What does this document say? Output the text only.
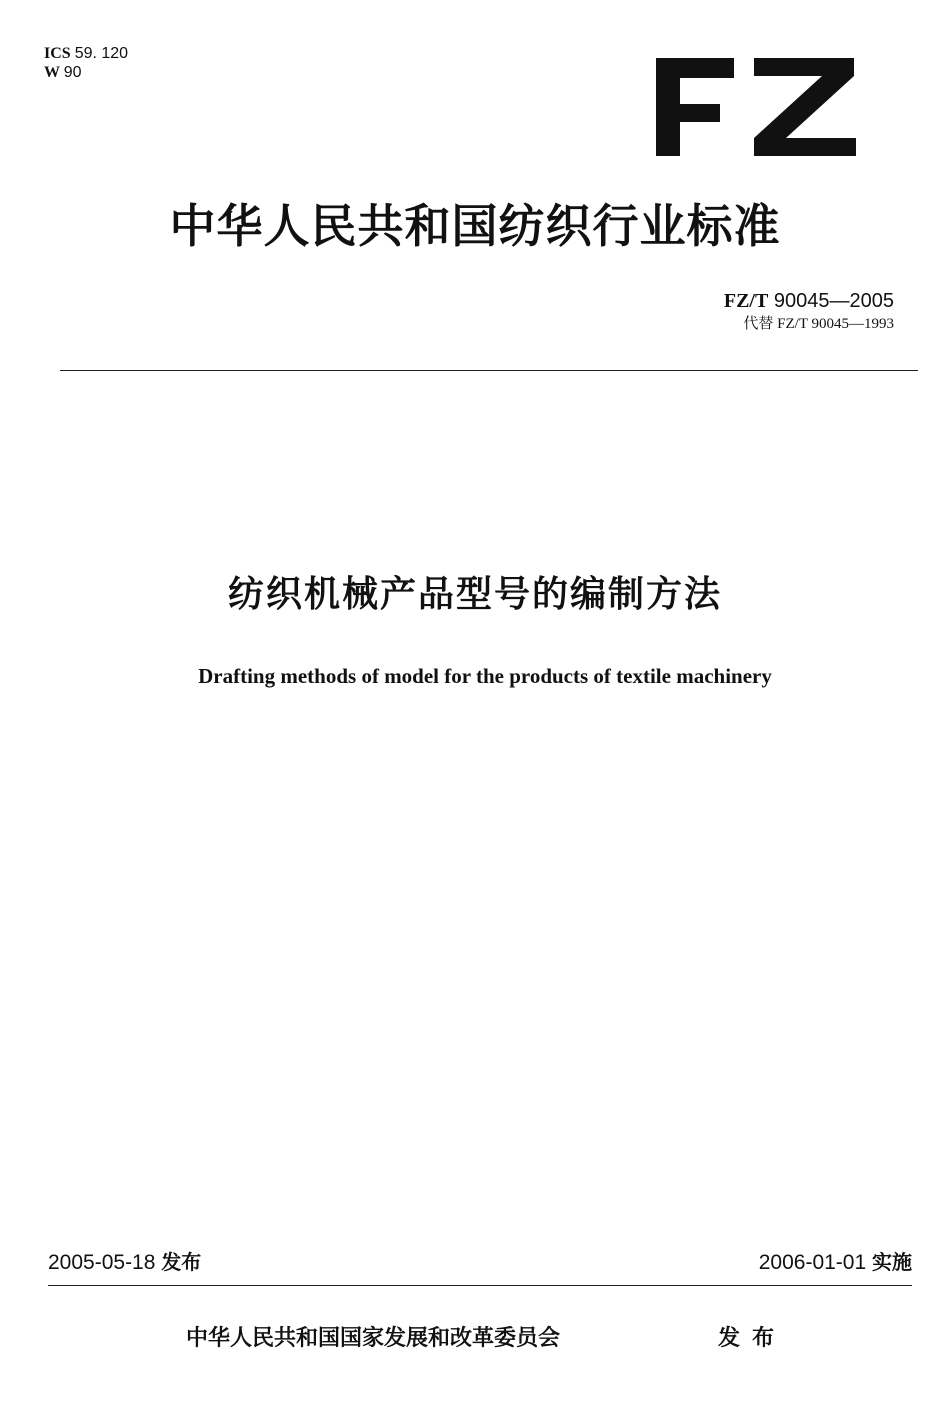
ICS 59. 120
W 90
中华人民共和国纺织行业标准
FZ/T 90045—2005
代替 FZ/T 90045—1993
纺织机械产品型号的编制方法
Drafting methods of model for the products of textile machinery
2005-05-18 发布	2006-01-01 实施
中华人民共和国国家发展和改革委员会	发布
